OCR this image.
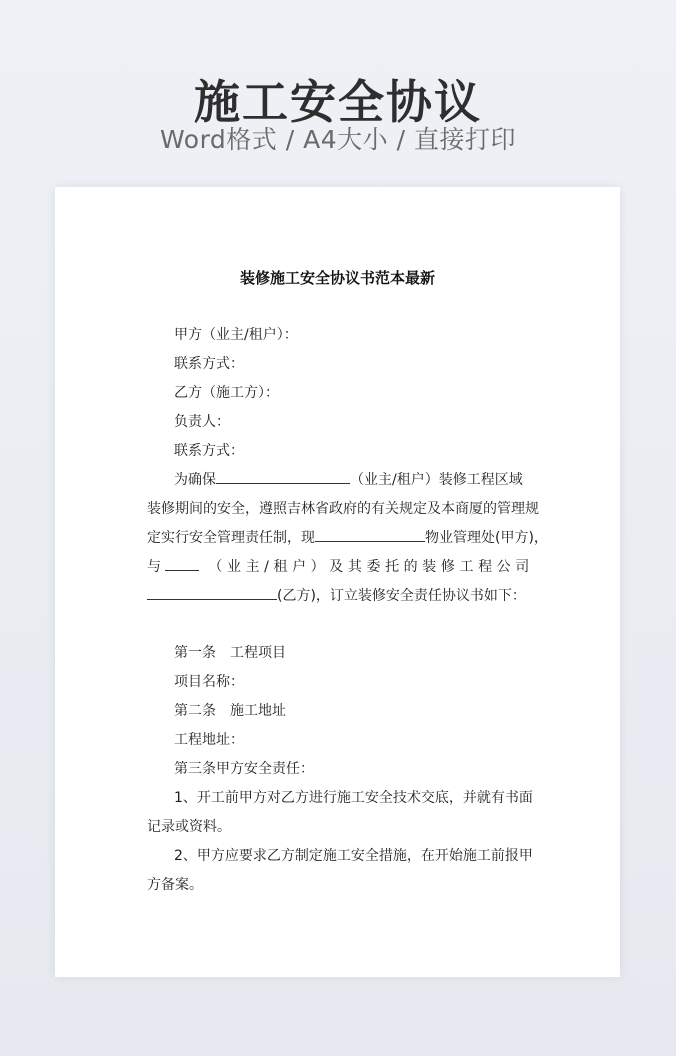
施工安全协议
Word格式 / A4大小 / 直接打印
装修施工安全协议书范本最新
甲方（业主/租户）：
联系方式：
乙方（施工方）：
负责人：
联系方式：
为确保	（业主/租户）装修工程区域
装修期间的安全，遵照吉林省政府的有关规定及本商厦的管理规
定实行安全管理责任制，现	物业管理处(甲方)，
与	（业主/租户）及其委托的装修工程公司
(乙方)，订立装修安全责任协议书如下：
第一条　工程项目
项目名称：
第二条　施工地址
工程地址：
第三条甲方安全责任：
1、开工前甲方对乙方进行施工安全技术交底，并就有书面
记录或资料。
2、甲方应要求乙方制定施工安全措施，在开始施工前报甲
方备案。
